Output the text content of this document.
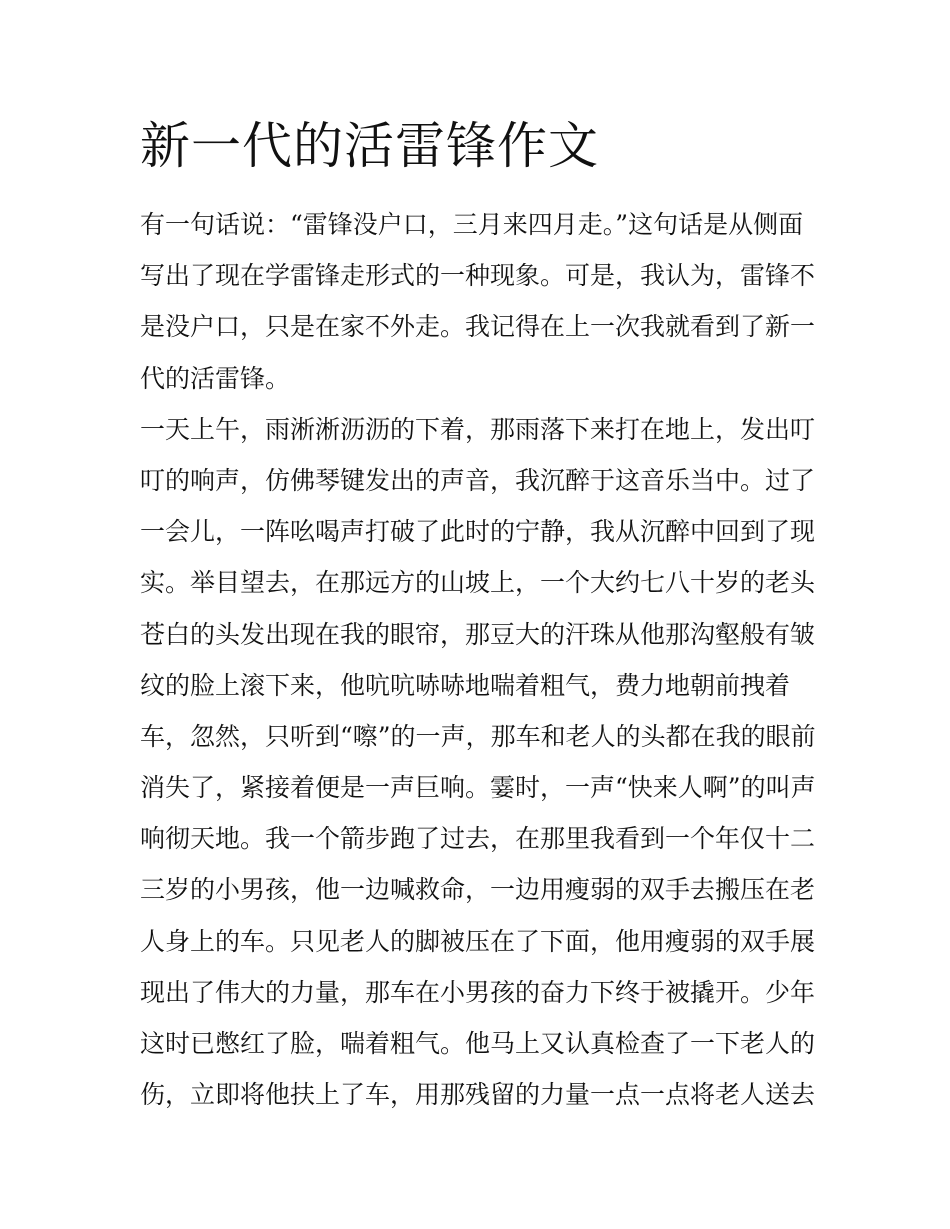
新一代的活雷锋作文
有一句话说：“雷锋没户口，三月来四月走。”这句话是从侧面
写出了现在学雷锋走形式的一种现象。可是，我认为，雷锋不
是没户口，只是在家不外走。我记得在上一次我就看到了新一
代的活雷锋。
一天上午，雨淅淅沥沥的下着，那雨落下来打在地上，发出叮
叮的响声，仿佛琴键发出的声音，我沉醉于这音乐当中。过了
一会儿，一阵吆喝声打破了此时的宁静，我从沉醉中回到了现
实。举目望去，在那远方的山坡上，一个大约七八十岁的老头
苍白的头发出现在我的眼帘，那豆大的汗珠从他那沟壑般有皱
纹的脸上滚下来，他吭吭哧哧地喘着粗气，费力地朝前拽着
车，忽然，只听到“嚓”的一声，那车和老人的头都在我的眼前
消失了，紧接着便是一声巨响。霎时，一声“快来人啊”的叫声
响彻天地。我一个箭步跑了过去，在那里我看到一个年仅十二
三岁的小男孩，他一边喊救命，一边用瘦弱的双手去搬压在老
人身上的车。只见老人的脚被压在了下面，他用瘦弱的双手展
现出了伟大的力量，那车在小男孩的奋力下终于被撬开。少年
这时已憋红了脸，喘着粗气。他马上又认真检查了一下老人的
伤，立即将他扶上了车，用那残留的力量一点一点将老人送去
